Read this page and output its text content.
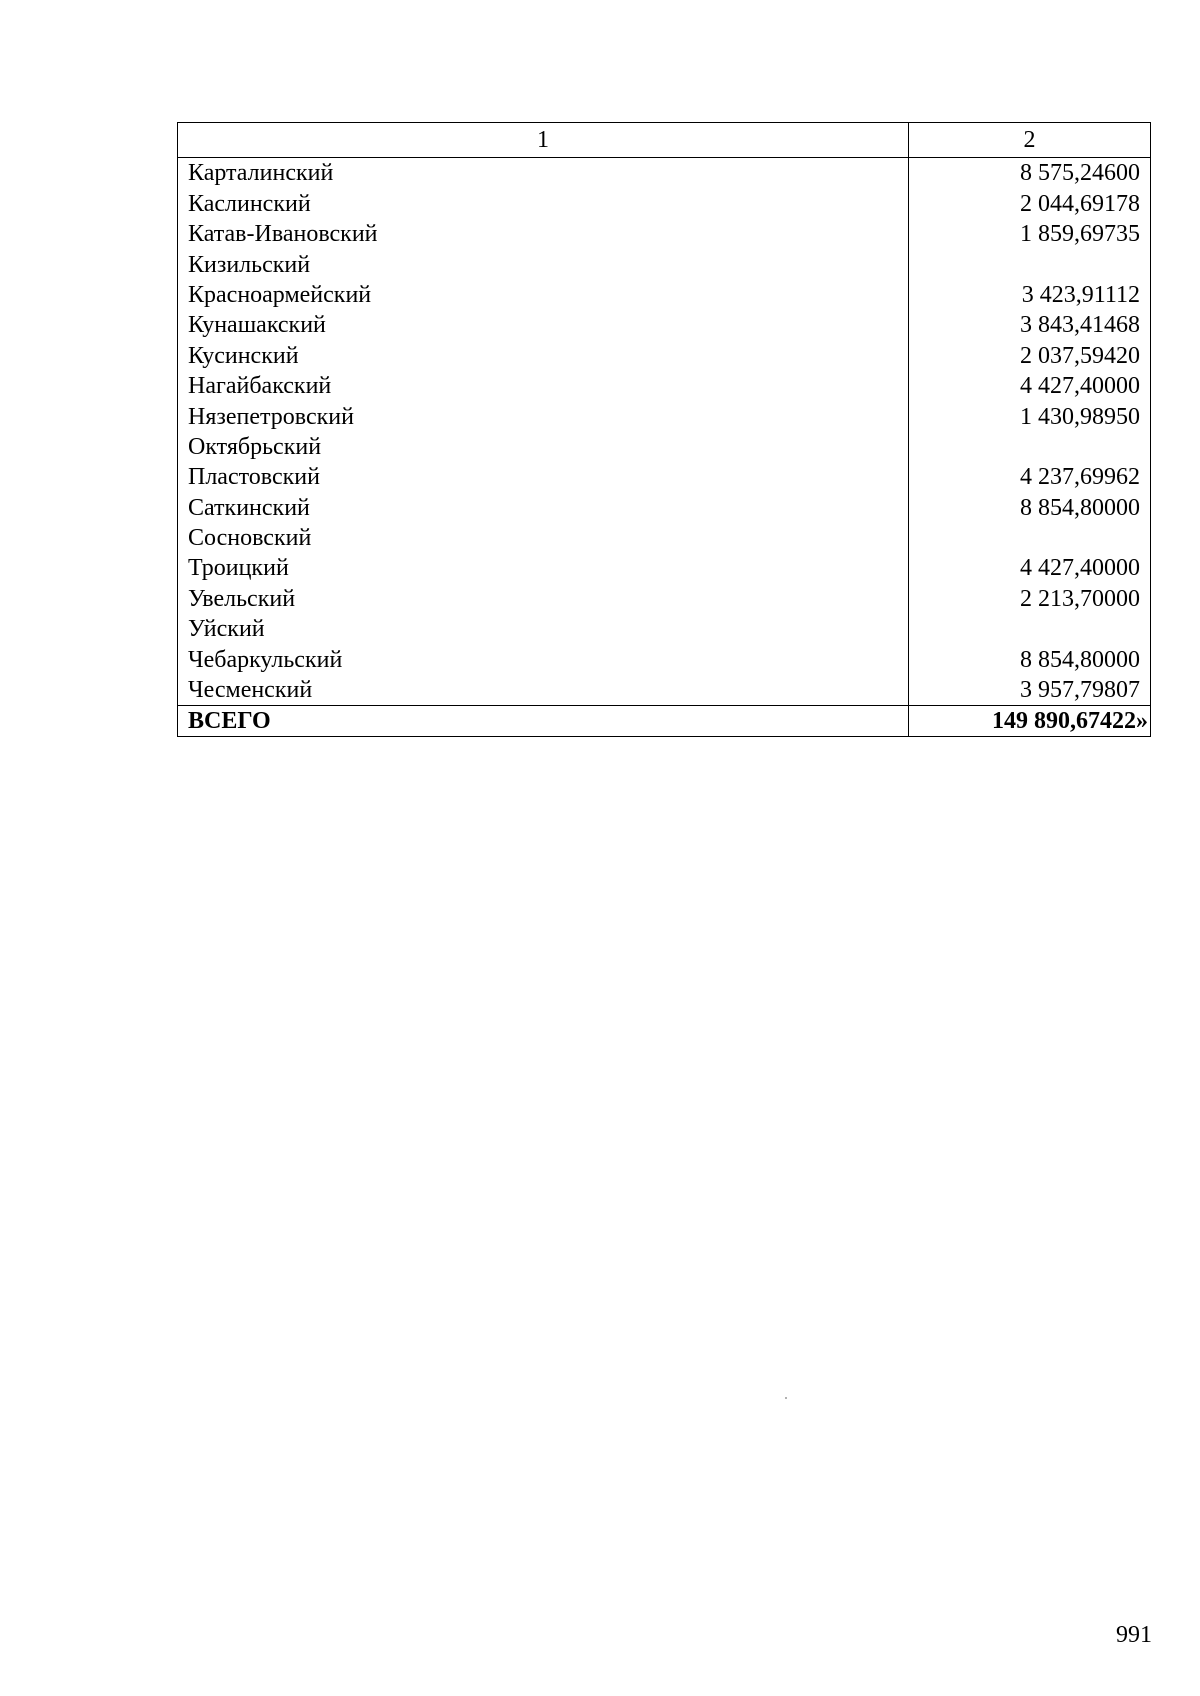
1	2
Карталинский	8 575,24600
Каслинский	2 044,69178
Катав-Ивановский	1 859,69735
Кизильский	
Красноармейский	3 423,91112
Кунашакский	3 843,41468
Кусинский	2 037,59420
Нагайбакский	4 427,40000
Нязепетровский	1 430,98950
Октябрьский	
Пластовский	4 237,69962
Саткинский	8 854,80000
Сосновский	
Троицкий	4 427,40000
Увельский	2 213,70000
Уйский	
Чебаркульский	8 854,80000
Чесменский	3 957,79807
ВСЕГО	149 890,67422»
991
